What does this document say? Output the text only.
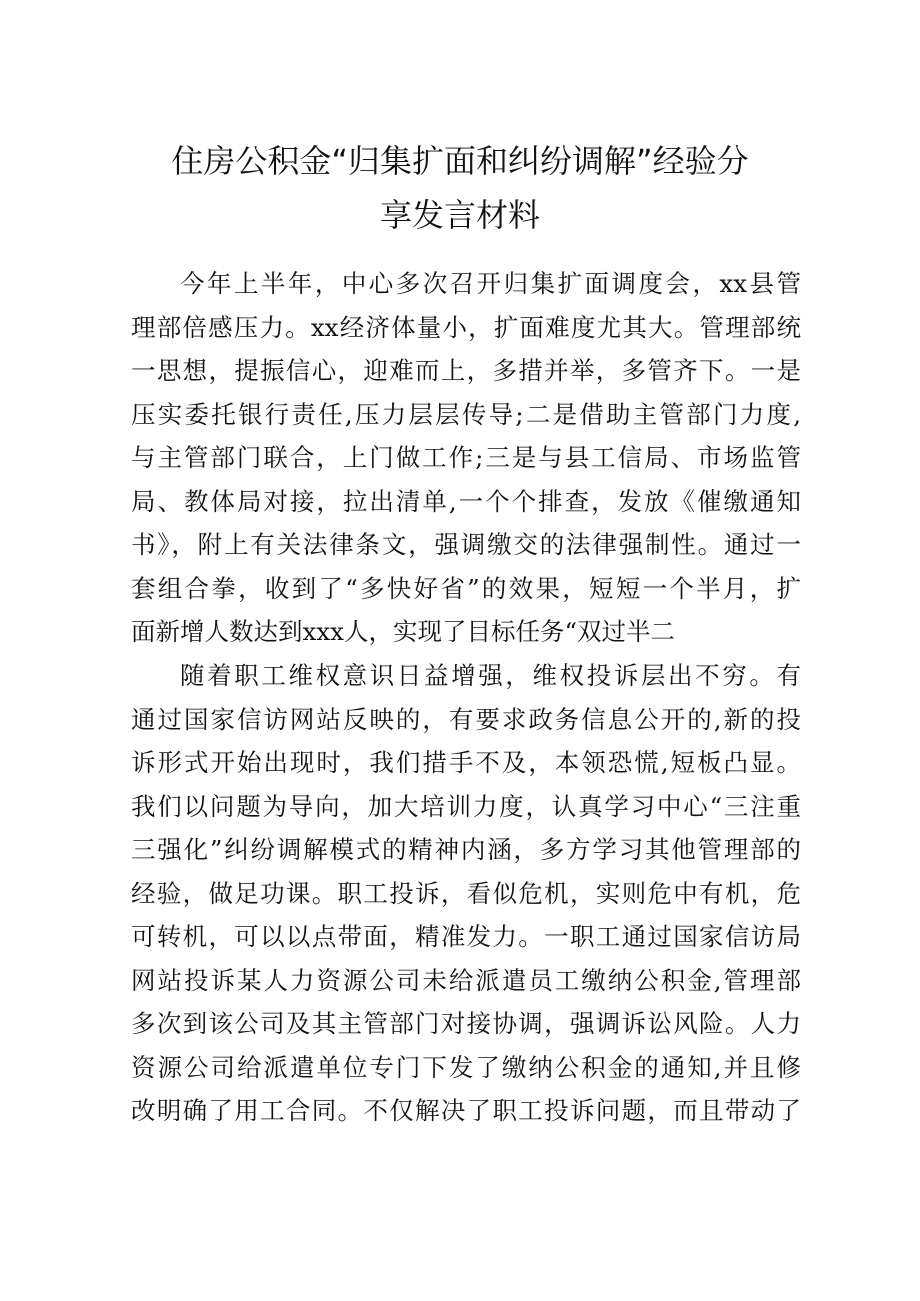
住房公积金“归集扩面和纠纷调解”经验分
享发言材料
今年上半年，中心多次召开归集扩面调度会，xx县管
理部倍感压力。xx经济体量小，扩面难度尤其大。管理部统
一思想，提振信心，迎难而上，多措并举，多管齐下。一是
压实委托银行责任,压力层层传导;二是借助主管部门力度,
与主管部门联合，上门做工作;三是与县工信局、市场监管
局、教体局对接，拉出清单,一个个排查，发放《催缴通知
书》，附上有关法律条文，强调缴交的法律强制性。通过一
套组合拳，收到了“多快好省”的效果，短短一个半月，扩
面新增人数达到xxx人，实现了目标任务“双过半二
随着职工维权意识日益增强，维权投诉层出不穷。有
通过国家信访网站反映的，有要求政务信息公开的,新的投
诉形式开始出现时，我们措手不及，本领恐慌,短板凸显。
我们以问题为导向，加大培训力度，认真学习中心“三注重
三强化”纠纷调解模式的精神内涵，多方学习其他管理部的
经验，做足功课。职工投诉，看似危机，实则危中有机，危
可转机，可以以点带面，精准发力。一职工通过国家信访局
网站投诉某人力资源公司未给派遣员工缴纳公积金,管理部
多次到该公司及其主管部门对接协调，强调诉讼风险。人力
资源公司给派遣单位专门下发了缴纳公积金的通知,并且修
改明确了用工合同。不仅解决了职工投诉问题，而且带动了
